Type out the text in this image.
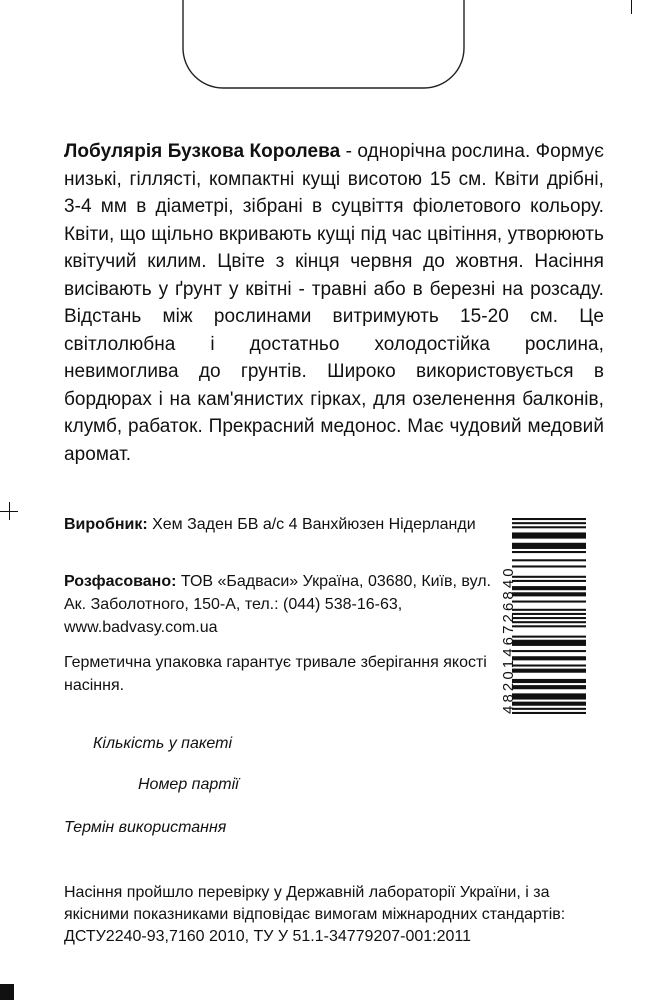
Лобулярія Бузкова Королева - однорічна рослина. Формує низькі, гіллясті, компактні кущі висотою 15 см. Квіти дрібні, 3-4 мм в діаметрі, зібрані в суцвіття фіолетового кольору. Квіти, що щільно вкривають кущі під час цвітіння, утворюють квітучий килим. Цвіте з кінця червня до жовтня. Насіння висівають у ґрунт у квітні - травні або в березні на розсаду. Відстань між рослинами витримують 15-20 см. Це світлолюбна і достатньо холодостійка рослина, невимоглива до грунтів. Широко використовується в бордюрах і на кам'янистих гірках, для озеленення балконів, клумб, рабаток. Прекрасний медонос. Має чудовий медовий аромат.
Виробник: Хем Заден БВ а/с 4 Ванхйюзен Нідерланди
Розфасовано: ТОВ «Бадваси» Україна, 03680, Київ, вул. Ак. Заболотного, 150-А, тел.: (044) 538-16-63, www.badvasy.com.ua
Герметична упаковка гарантує тривале зберігання якості насіння.
Кількість у пакеті
Номер партії
Термін використання
Насіння пройшло перевірку у Державній лабораторії України, і за якісними показниками відповідає вимогам міжнародних стандартів: ДСТУ2240-93,7160 2010, ТУ У 51.1-34779207-001:2011
4820146726840
